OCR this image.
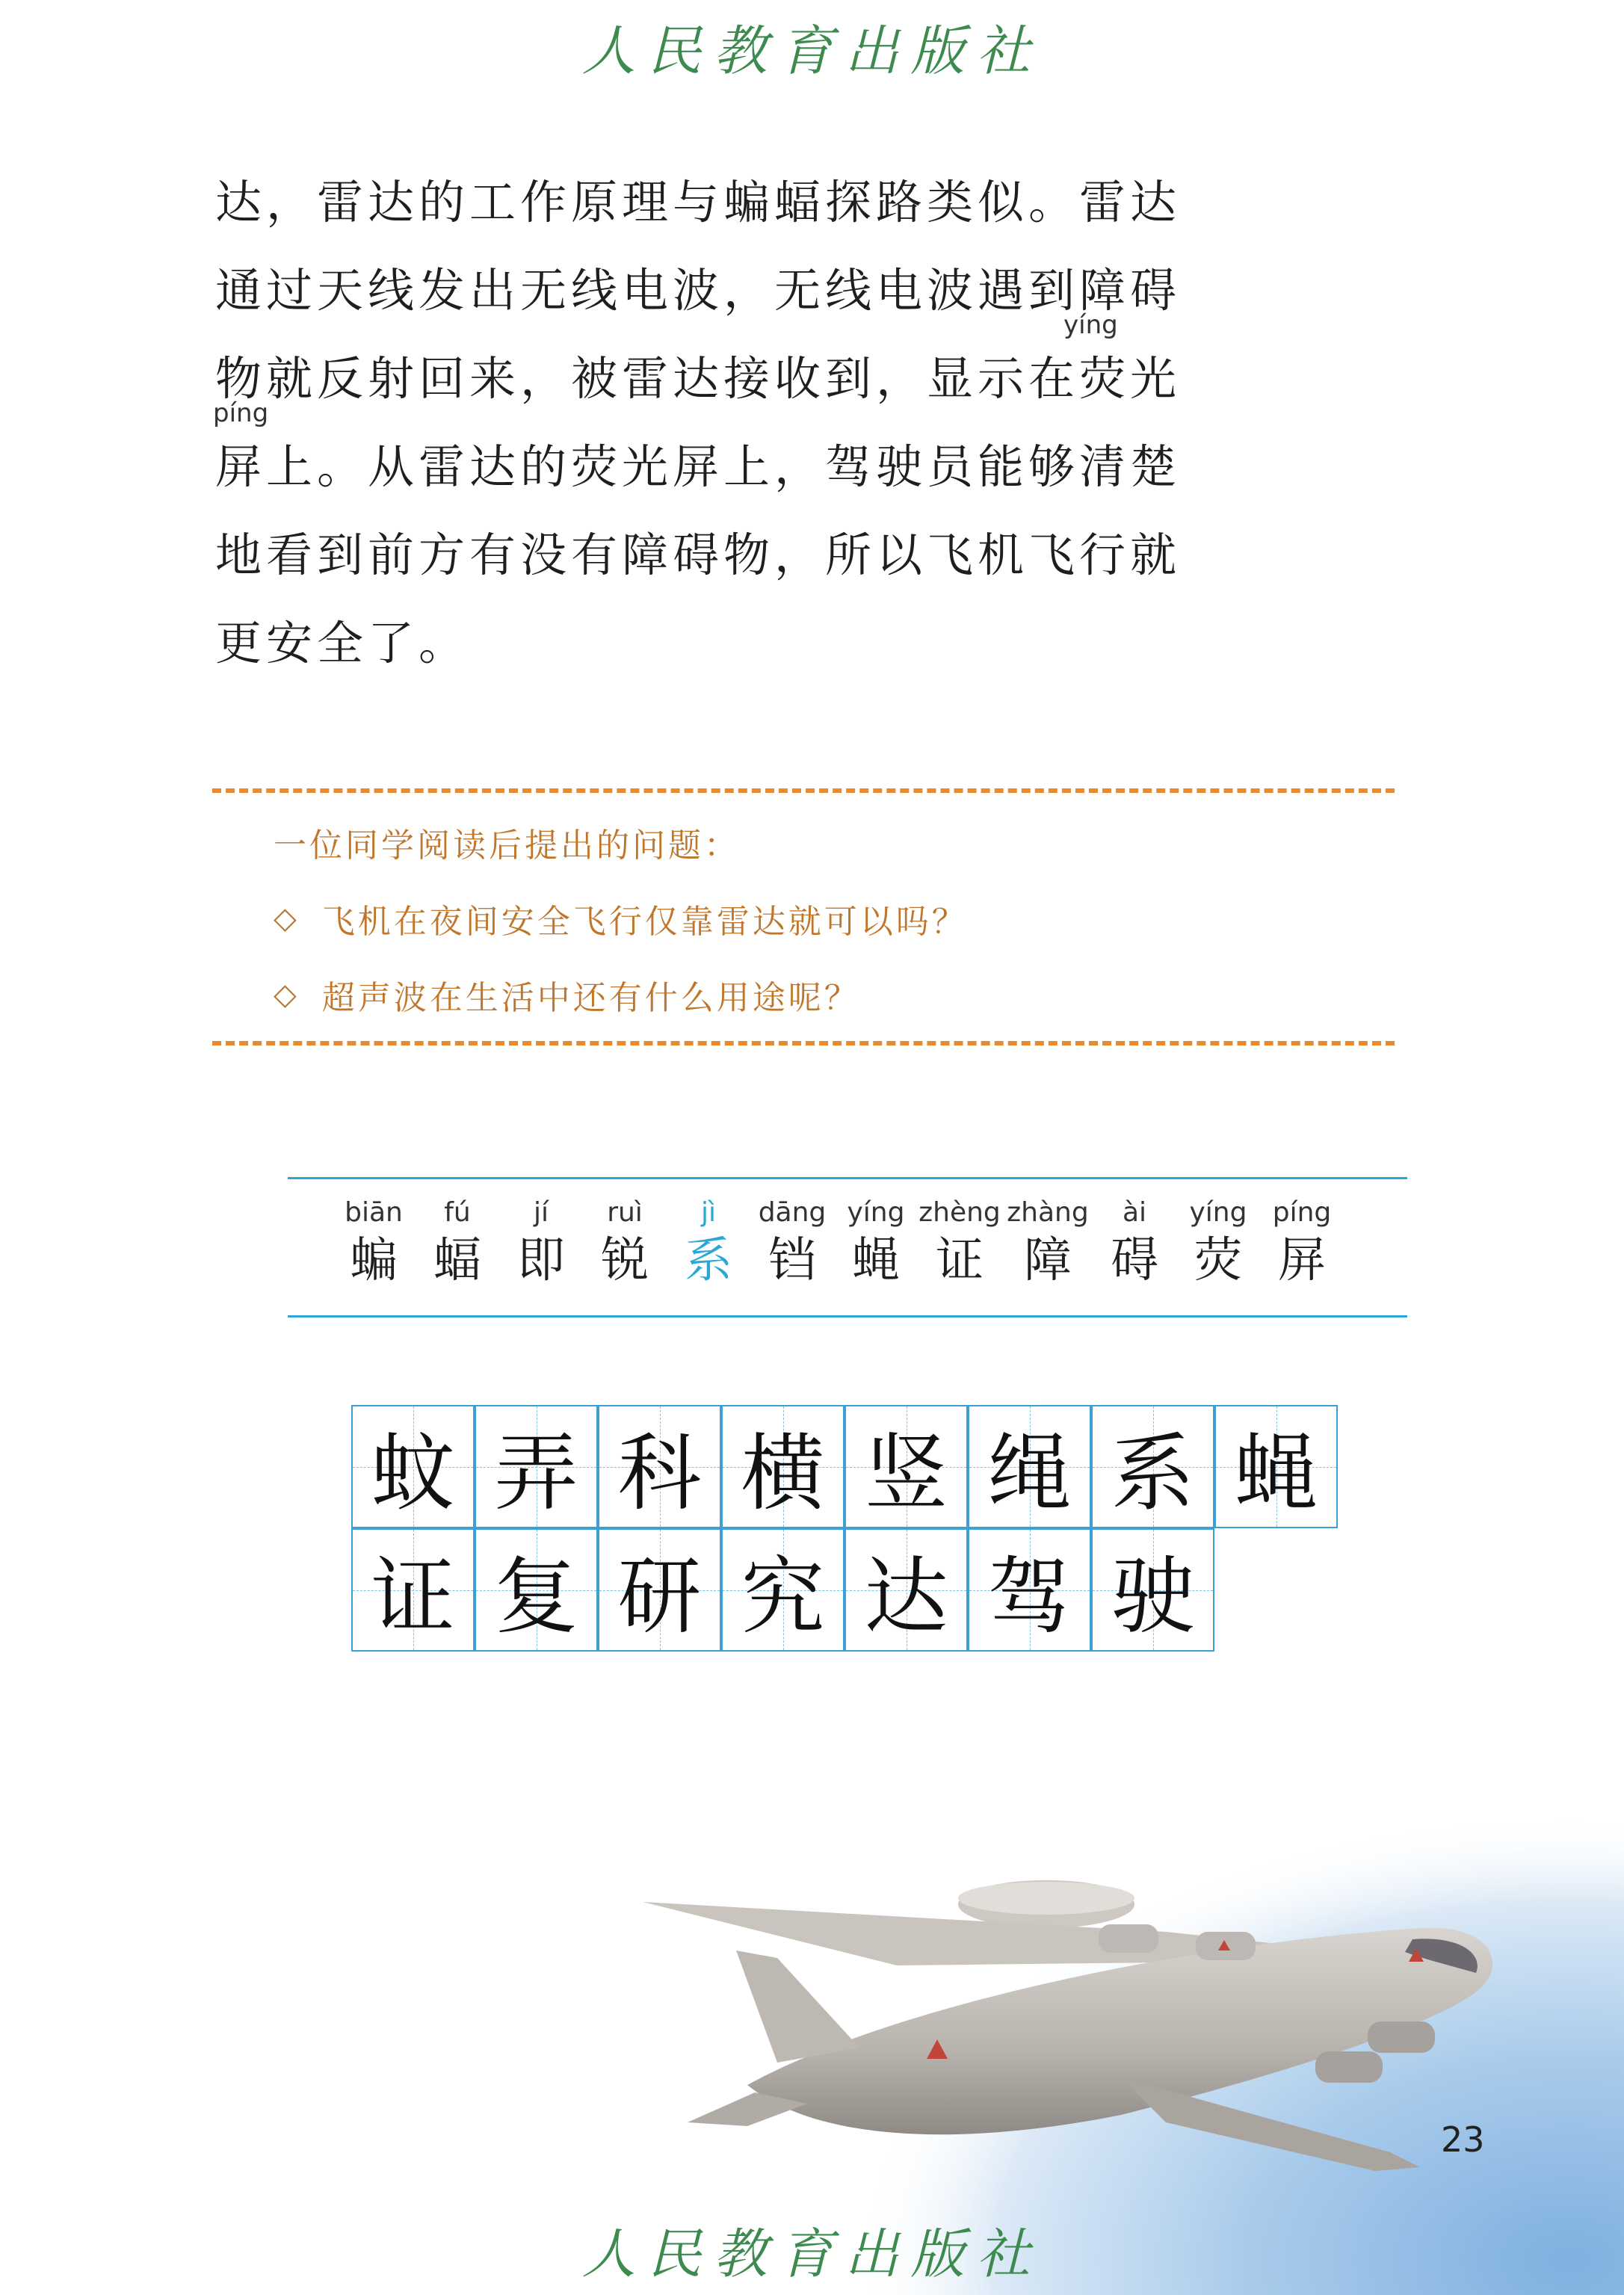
人民教育出版社
达，雷达的工作原理与蝙蝠探路类似。雷达
通过天线发出无线电波，无线电波遇到障碍
物就反射回来，被雷达接收到，显示在荧光
yíng
屏上。从雷达的荧光屏上，驾驶员能够清楚
píng
地看到前方有没有障碍物，所以飞机飞行就
更安全了。
一位同学阅读后提出的问题：
◇ 飞机在夜间安全飞行仅靠雷达就可以吗？
◇ 超声波在生活中还有什么用途呢？
biān
蝙
fú
蝠
jí
即
ruì
锐
jì
系
dāng
铛
yíng
蝇
zhèng
证
zhàng
障
ài
碍
yíng
荧
píng
屏
蚊 弄 科 横 竖 绳 系 蝇
证 复 研 究 达 驾 驶
23
人民教育出版社
